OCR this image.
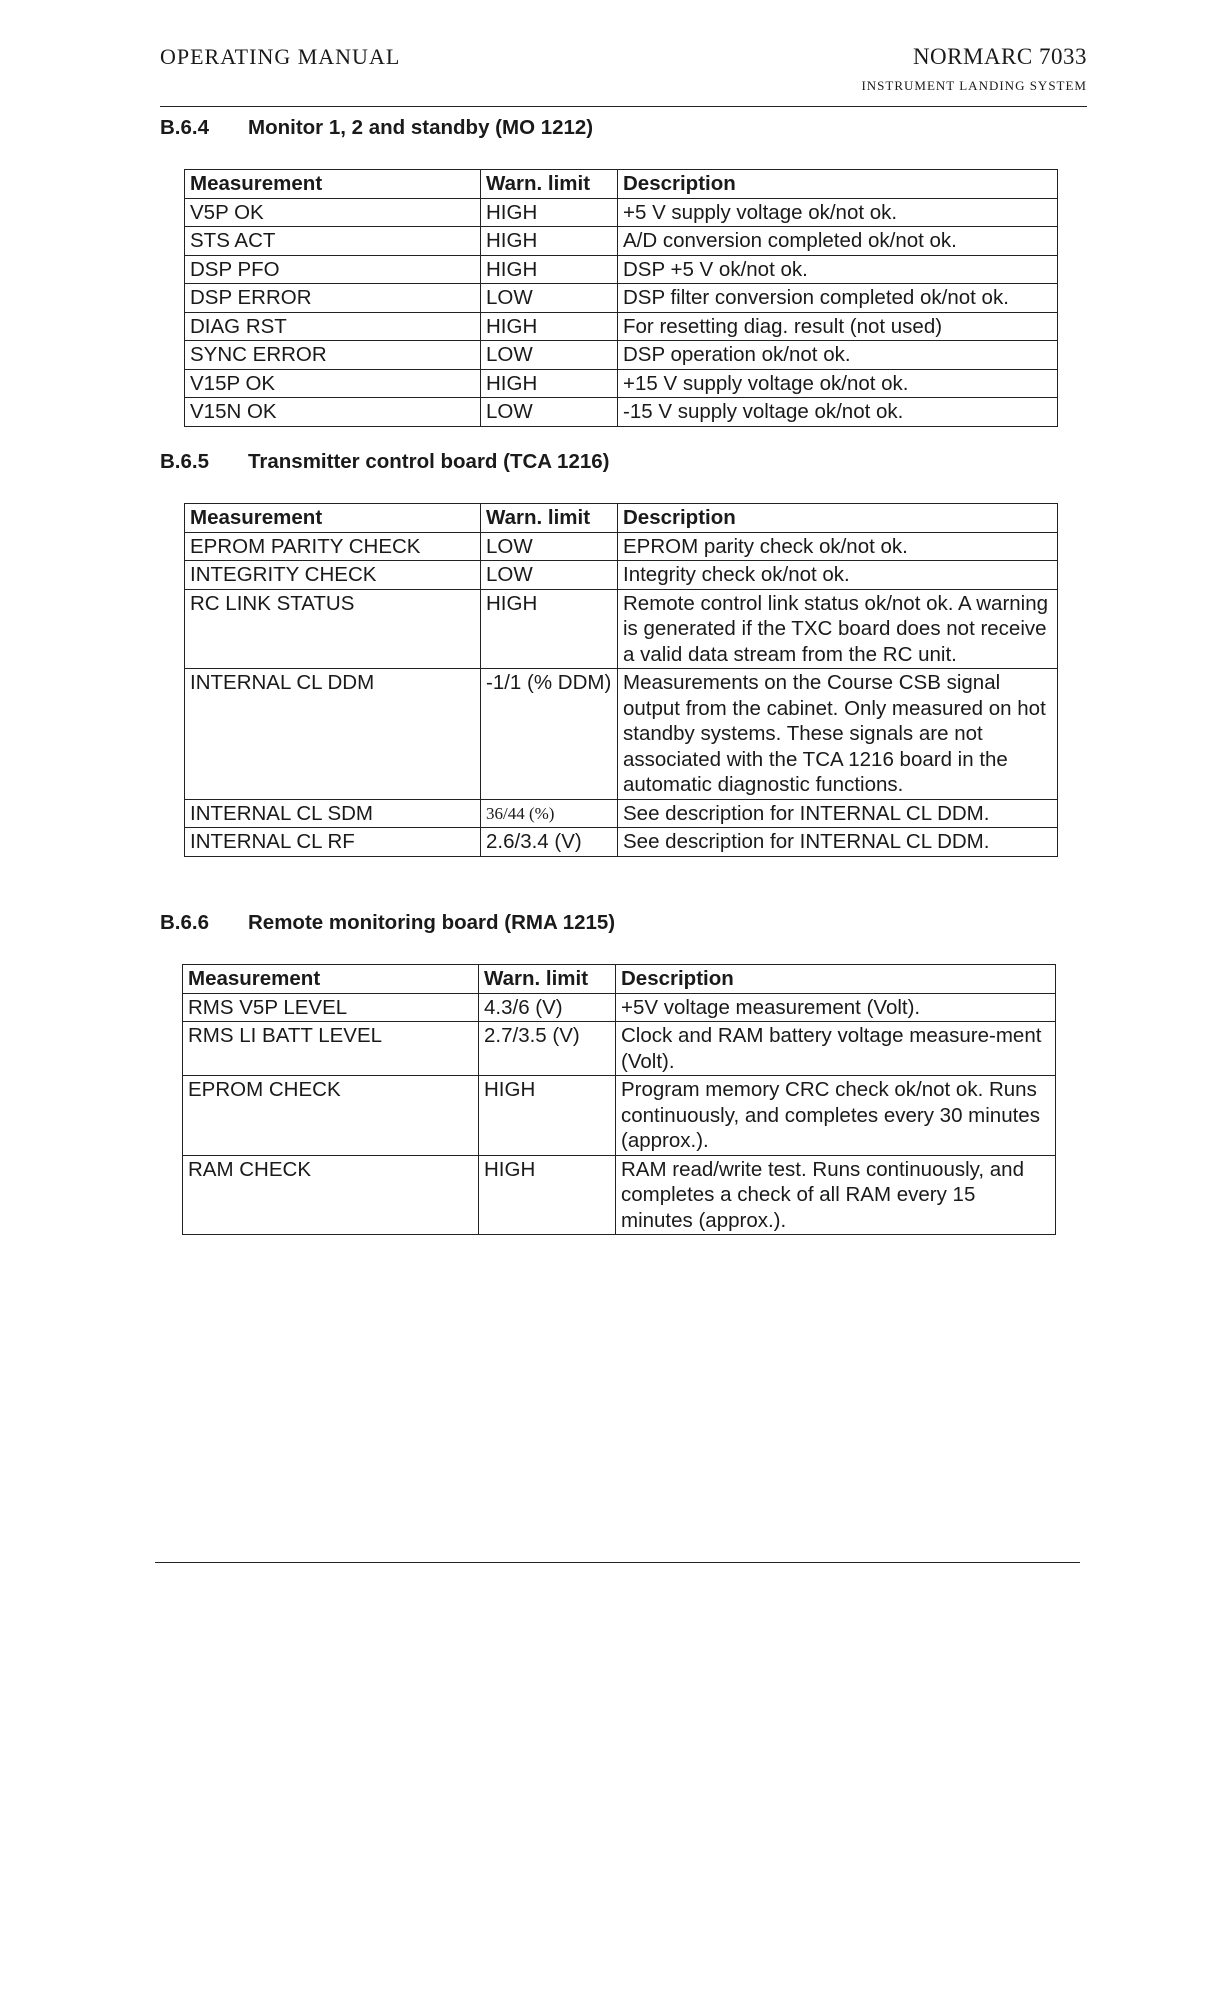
OPERATING MANUAL	NORMARC 7033
INSTRUMENT LANDING SYSTEM
B.6.4 Monitor 1, 2 and standby (MO 1212)
Measurement	Warn. limit	Description
V5P OK	HIGH	+5 V supply voltage ok/not ok.
STS ACT	HIGH	A/D conversion completed ok/not ok.
DSP PFO	HIGH	DSP +5 V ok/not ok.
DSP ERROR	LOW	DSP filter conversion completed ok/not ok.
DIAG RST	HIGH	For resetting diag. result (not used)
SYNC ERROR	LOW	DSP operation ok/not ok.
V15P OK	HIGH	+15 V supply voltage ok/not ok.
V15N OK	LOW	-15 V supply voltage ok/not ok.
B.6.5 Transmitter control board (TCA 1216)
Measurement	Warn. limit	Description
EPROM PARITY CHECK	LOW	EPROM parity check ok/not ok.
INTEGRITY CHECK	LOW	Integrity check ok/not ok.
RC LINK STATUS	HIGH	Remote control link status ok/not ok. A warning is generated if the TXC board does not receive a valid data stream from the RC unit.
INTERNAL CL DDM	-1/1 (% DDM)	Measurements on the Course CSB signal output from the cabinet. Only measured on hot standby systems. These signals are not associated with the TCA 1216 board in the automatic diagnostic functions.
INTERNAL CL SDM	36/44 (%)	See description for INTERNAL CL DDM.
INTERNAL CL RF	2.6/3.4 (V)	See description for INTERNAL CL DDM.
B.6.6 Remote monitoring board (RMA 1215)
Measurement	Warn. limit	Description
RMS V5P LEVEL	4.3/6 (V)	+5V voltage measurement (Volt).
RMS LI BATT LEVEL	2.7/3.5 (V)	Clock and RAM battery voltage measure-ment (Volt).
EPROM CHECK	HIGH	Program memory CRC check ok/not ok. Runs continuously, and completes every 30 minutes (approx.).
RAM CHECK	HIGH	RAM read/write test. Runs continuously, and completes a check of all RAM every 15 minutes (approx.).
